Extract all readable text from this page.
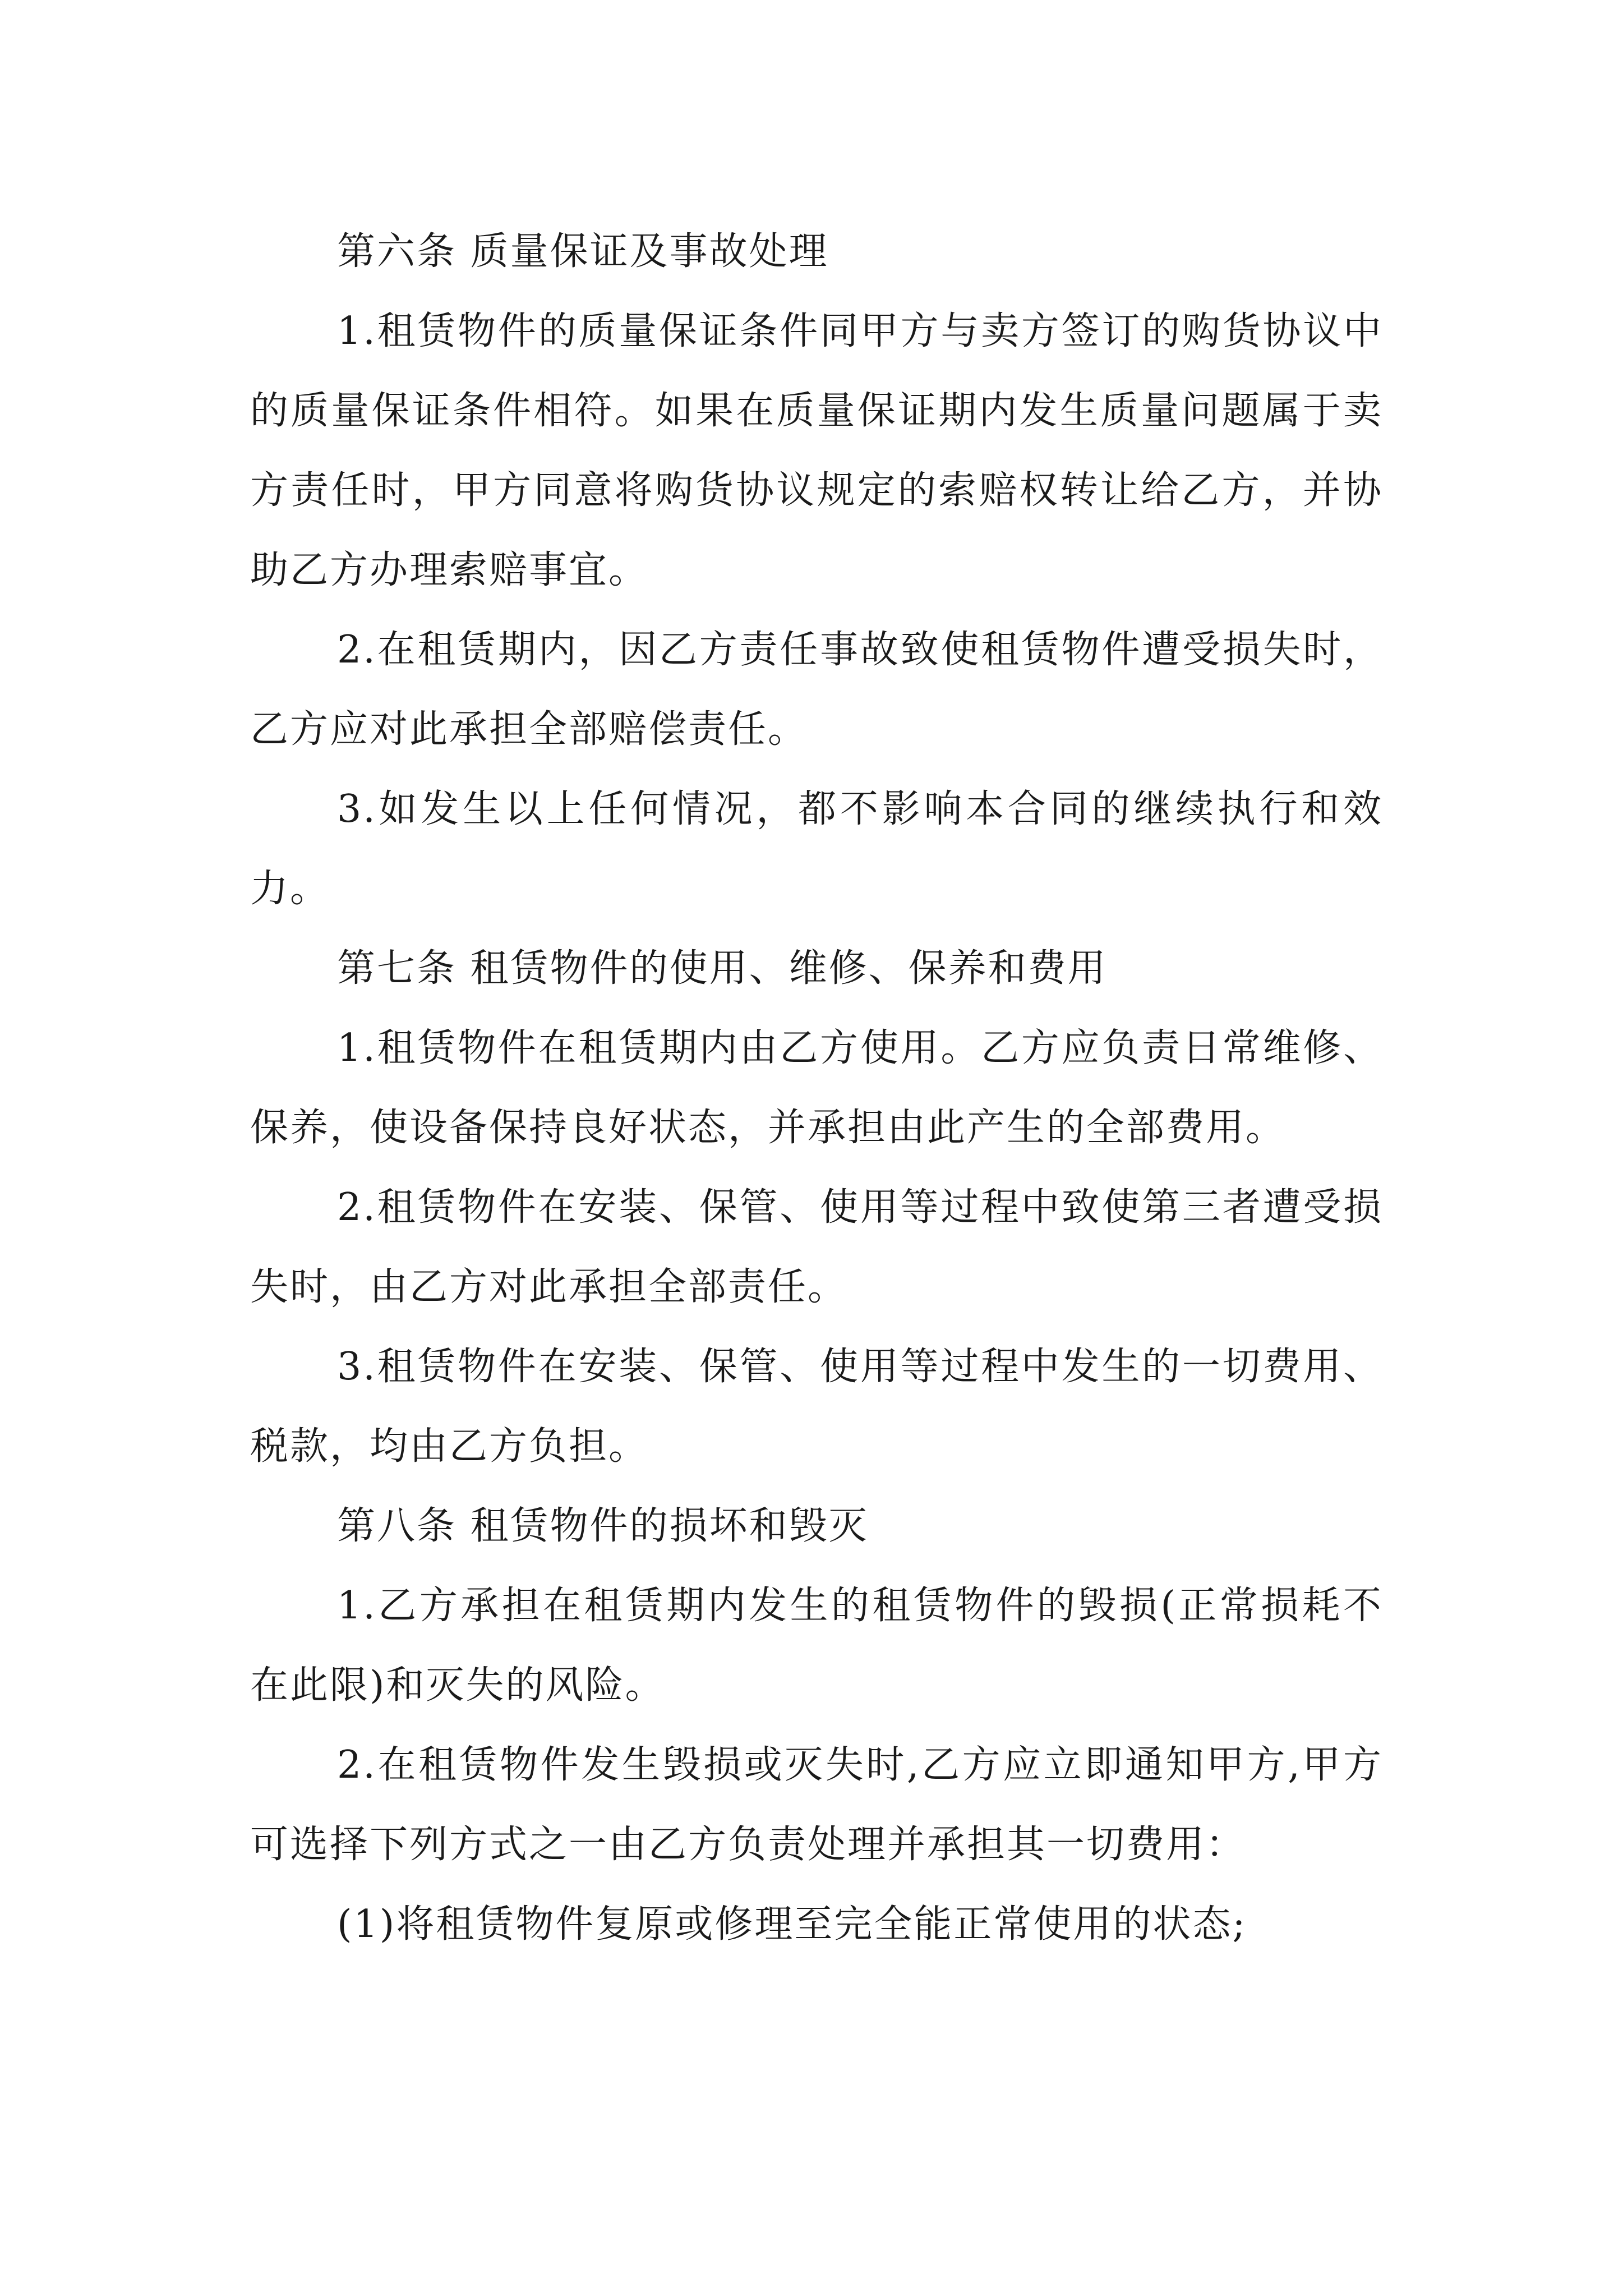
第六条 质量保证及事故处理

1.租赁物件的质量保证条件同甲方与卖方签订的购货协议中的质量保证条件相符。如果在质量保证期内发生质量问题属于卖方责任时，甲方同意将购货协议规定的索赔权转让给乙方，并协助乙方办理索赔事宜。

2.在租赁期内，因乙方责任事故致使租赁物件遭受损失时，乙方应对此承担全部赔偿责任。

3.如发生以上任何情况，都不影响本合同的继续执行和效力。

第七条 租赁物件的使用、维修、保养和费用

1.租赁物件在租赁期内由乙方使用。乙方应负责日常维修、保养，使设备保持良好状态，并承担由此产生的全部费用。

2.租赁物件在安装、保管、使用等过程中致使第三者遭受损失时，由乙方对此承担全部责任。

3.租赁物件在安装、保管、使用等过程中发生的一切费用、税款，均由乙方负担。

第八条 租赁物件的损坏和毁灭

1.乙方承担在租赁期内发生的租赁物件的毁损(正常损耗不在此限)和灭失的风险。

2.在租赁物件发生毁损或灭失时,乙方应立即通知甲方,甲方可选择下列方式之一由乙方负责处理并承担其一切费用：

(1)将租赁物件复原或修理至完全能正常使用的状态;
